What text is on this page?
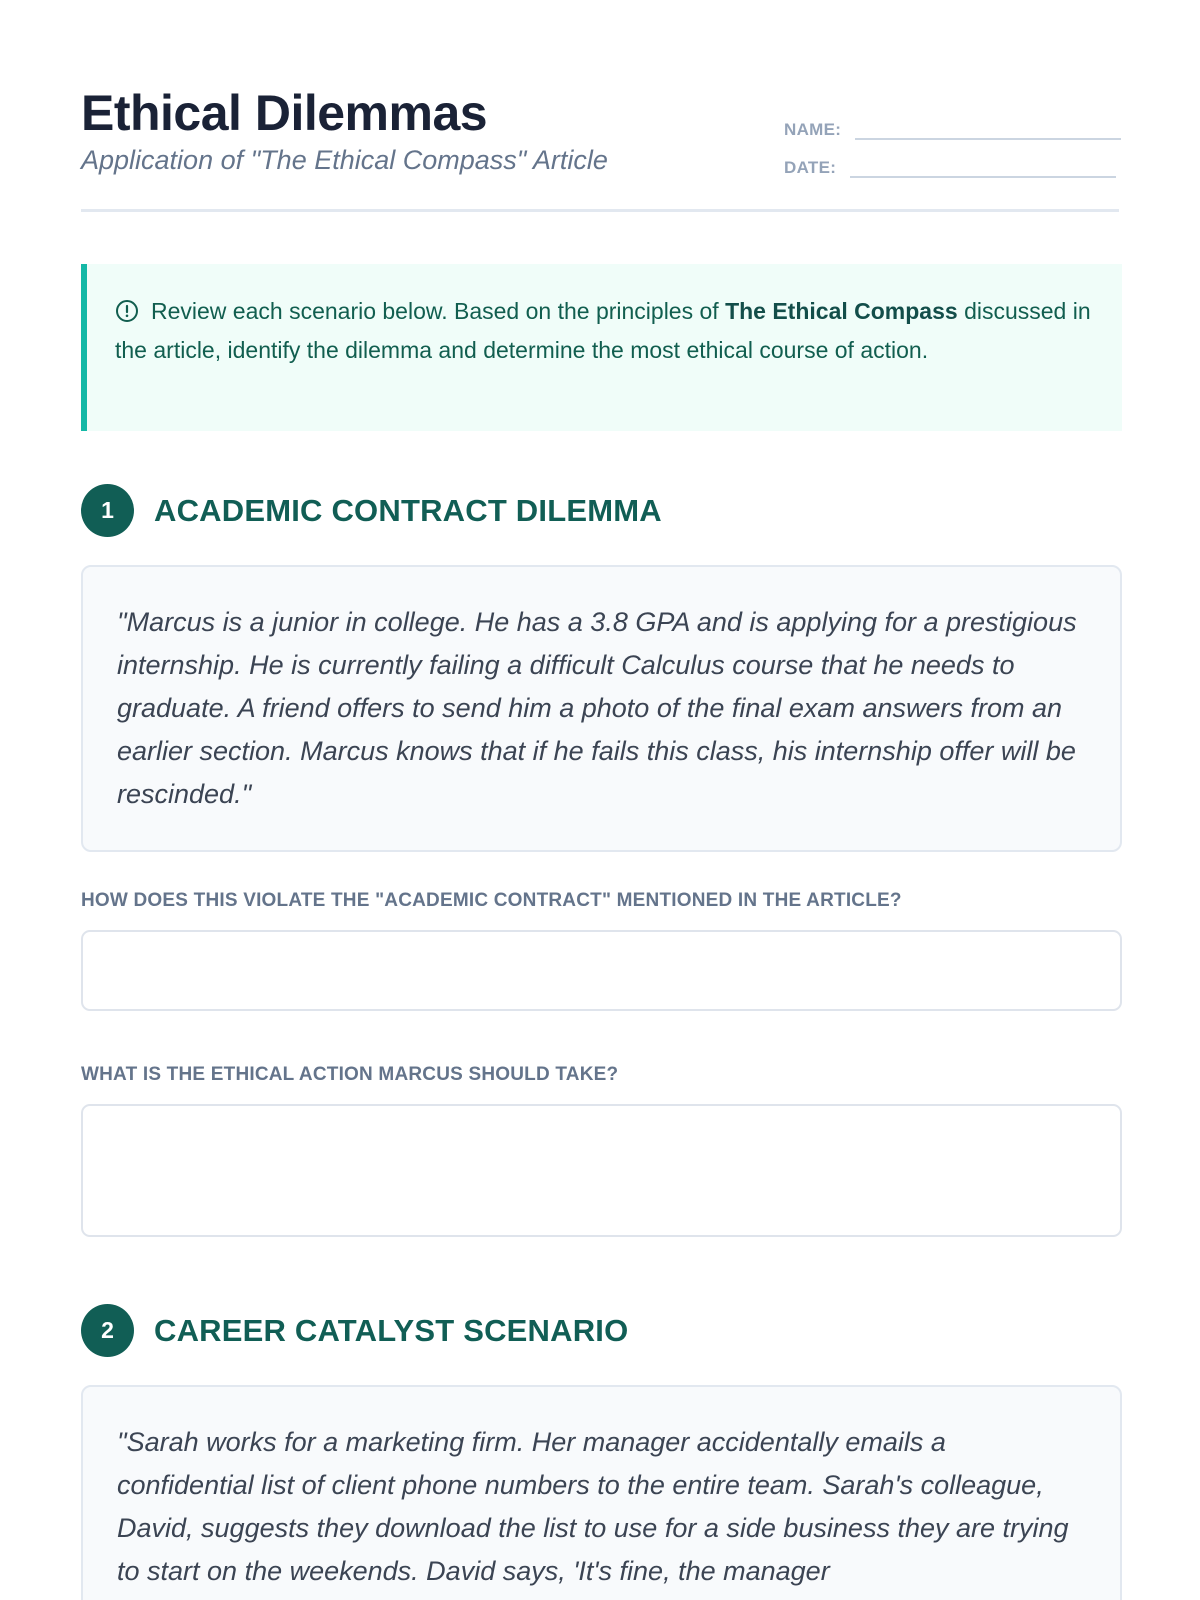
Ethical Dilemmas
Application of "The Ethical Compass" Article
NAME:
DATE:

Review each scenario below. Based on the principles of The Ethical Compass discussed in the article, identify the dilemma and determine the most ethical course of action.

1	ACADEMIC CONTRACT DILEMMA

"Marcus is a junior in college. He has a 3.8 GPA and is applying for a prestigious internship. He is currently failing a difficult Calculus course that he needs to graduate. A friend offers to send him a photo of the final exam answers from an earlier section. Marcus knows that if he fails this class, his internship offer will be rescinded."

HOW DOES THIS VIOLATE THE "ACADEMIC CONTRACT" MENTIONED IN THE ARTICLE?
WHAT IS THE ETHICAL ACTION MARCUS SHOULD TAKE?
2	CAREER CATALYST SCENARIO

"Sarah works for a marketing firm. Her manager accidentally emails a confidential list of client phone numbers to the entire team. Sarah's colleague, David, suggests they download the list to use for a side business they are trying to start on the weekends. David says, 'It's fine, the manager
